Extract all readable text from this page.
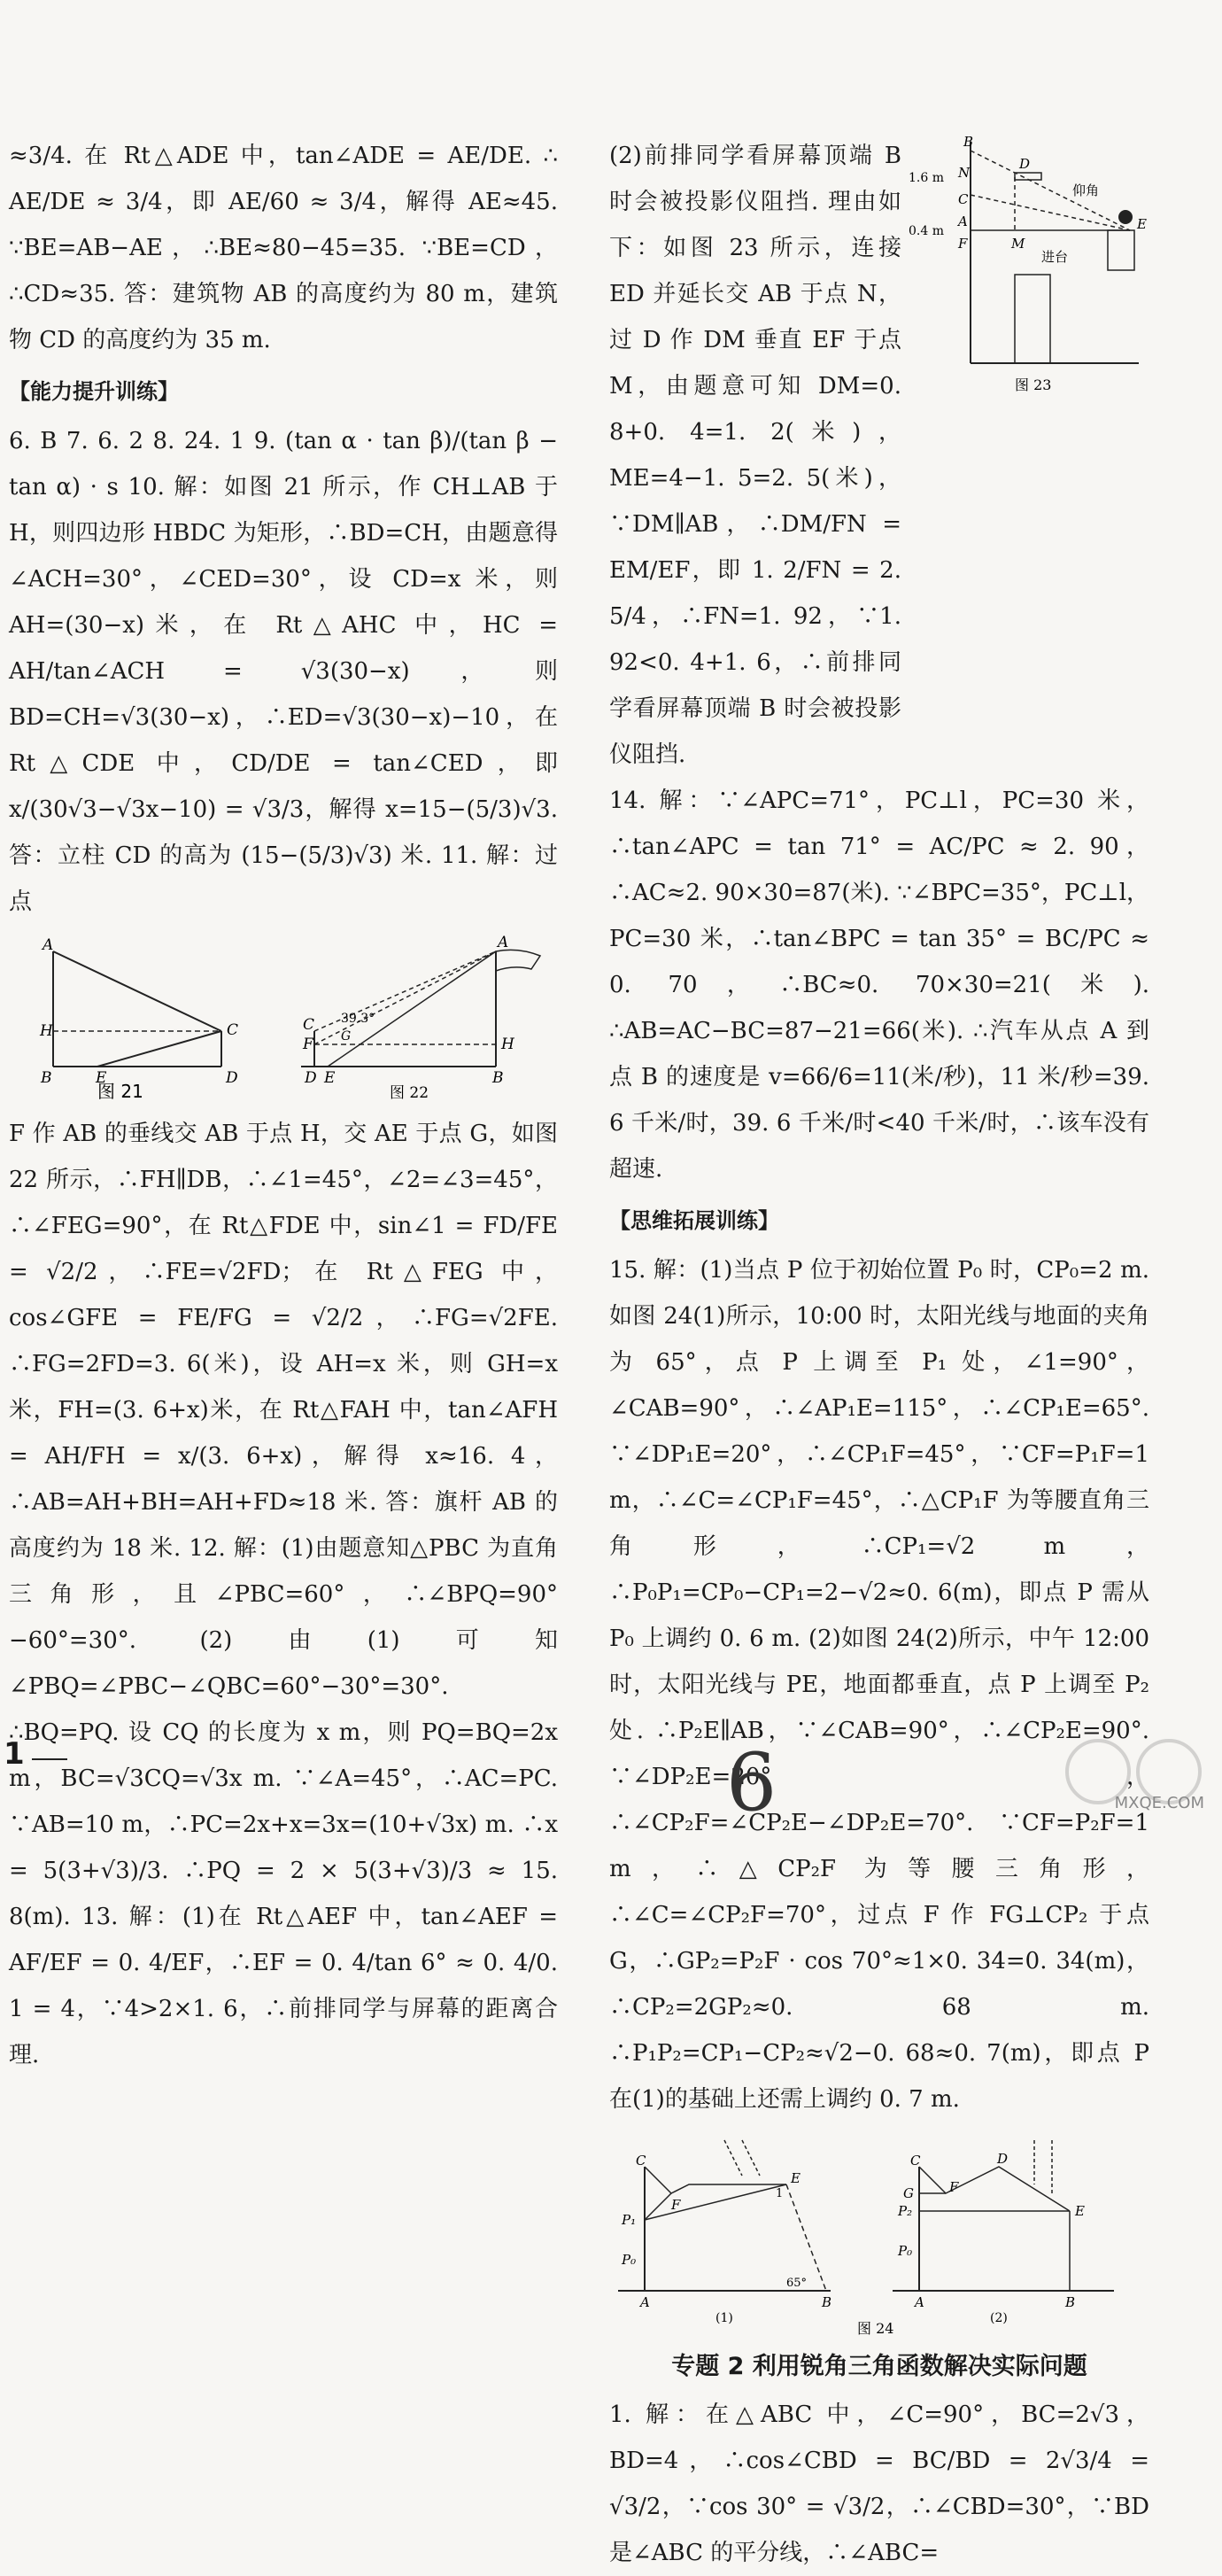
≈3/4. 在 Rt△ADE 中，tan∠ADE = AE/DE. ∴ AE/DE ≈ 3/4，即 AE/60 ≈ 3/4，解得 AE≈45. ∵BE=AB−AE，∴BE≈80−45=35. ∵BE=CD，∴CD≈35. 答：建筑物 AB 的高度约为 80 m，建筑物 CD 的高度约为 35 m.

【能力提升训练】

6. B 7. 6. 2 8. 24. 1 9. (tan α · tan β)/(tan β − tan α) · s 10. 解：如图 21 所示，作 CH⊥AB 于 H，则四边形 HBDC 为矩形，∴BD=CH，由题意得∠ACH=30°，∠CED=30°，设 CD=x 米，则 AH=(30−x)米，在 Rt△AHC 中，HC = AH/tan∠ACH = √3(30−x)，则 BD=CH=√3(30−x)，∴ED=√3(30−x)−10，在 Rt△CDE 中，CD/DE = tan∠CED，即 x/(30√3−√3x−10) = √3/3，解得 x=15−(5/3)√3. 答：立柱 CD 的高为 (15−(5/3)√3) 米. 11. 解：过点

A
H	C
B	E	D
图 21
A
C
F G
39.3°
D E
H
B
图 22

F 作 AB 的垂线交 AB 于点 H，交 AE 于点 G，如图 22 所示，∴FH∥DB，∴∠1=45°，∠2=∠3=45°，∴∠FEG=90°，在 Rt△FDE 中，sin∠1 = FD/FE = √2/2，∴FE=√2FD；在 Rt△FEG 中，cos∠GFE = FE/FG = √2/2，∴FG=√2FE. ∴FG=2FD=3. 6(米)，设 AH=x 米，则 GH=x 米，FH=(3. 6+x)米，在 Rt△FAH 中，tan∠AFH = AH/FH = x/(3. 6+x)，解得 x≈16. 4，∴AB=AH+BH=AH+FD≈18 米. 答：旗杆 AB 的高度约为 18 米. 12. 解：(1)由题意知△PBC 为直角三角形，且∠PBC=60°，∴∠BPQ=90°−60°=30°. (2)由(1)可知∠PBQ=∠PBC−∠QBC=60°−30°=30°. ∴BQ=PQ. 设 CQ 的长度为 x m，则 PQ=BQ=2x m，BC=√3CQ=√3x m. ∵∠A=45°，∴AC=PC. ∵AB=10 m，∴PC=2x+x=3x=(10+√3x) m. ∴x = 5(3+√3)/3. ∴PQ = 2 × 5(3+√3)/3 ≈ 15. 8(m). 13. 解：(1)在 Rt△AEF 中，tan∠AEF = AF/EF = 0. 4/EF，∴EF = 0. 4/tan 6° ≈ 0. 4/0. 1 = 4，∵4>2×1. 6，∴前排同学与屏幕的距离合理.

(2)前排同学看屏幕顶端 B 时会被投影仪阻挡. 理由如下：如图 23 所示，连接 ED 并延长交 AB 于点 N，过 D 作 DM 垂直 EF 于点 M，由题意可知 DM=0. 8+0. 4=1. 2(米)，ME=4−1. 5=2. 5(米)，∵DM∥AB，∴DM/FN = EM/EF，即 1. 2/FN = 2. 5/4，∴FN=1. 92，∵1. 92<0. 4+1. 6，∴前排同学看屏幕顶端 B 时会被投影仪阻挡.

B
N
D
C
A
F	M
E
1.6 m
0.4 m
仰角
进台
图 23

14. 解：∵∠APC=71°，PC⊥l，PC=30 米，∴tan∠APC = tan 71° = AC/PC ≈ 2. 90，∴AC≈2. 90×30=87(米). ∵∠BPC=35°，PC⊥l，PC=30 米，∴tan∠BPC = tan 35° = BC/PC ≈ 0. 70，∴BC≈0. 70×30=21(米). ∴AB=AC−BC=87−21=66(米). ∴汽车从点 A 到点 B 的速度是 v=66/6=11(米/秒)，11 米/秒=39. 6 千米/时，39. 6 千米/时<40 千米/时，∴该车没有超速.

【思维拓展训练】

15. 解：(1)当点 P 位于初始位置 P₀ 时，CP₀=2 m. 如图 24(1)所示，10:00 时，太阳光线与地面的夹角为 65°，点 P 上调至 P₁ 处，∠1=90°，∠CAB=90°，∴∠AP₁E=115°，∴∠CP₁E=65°. ∵∠DP₁E=20°，∴∠CP₁F=45°，∵CF=P₁F=1 m，∴∠C=∠CP₁F=45°，∴△CP₁F 为等腰直角三角形，∴CP₁=√2 m，∴P₀P₁=CP₀−CP₁=2−√2≈0. 6(m)，即点 P 需从 P₀ 上调约 0. 6 m. (2)如图 24(2)所示，中午 12:00 时，太阳光线与 PE，地面都垂直，点 P 上调至 P₂ 处. ∴P₂E∥AB，∵∠CAB=90°，∴∠CP₂E=90°. ∵∠DP₂E=20°，∴∠CP₂F=∠CP₂E−∠DP₂E=70°. ∵CF=P₂F=1 m，∴△CP₂F 为等腰三角形，∴∠C=∠CP₂F=70°，过点 F 作 FG⊥CP₂ 于点 G，∴GP₂=P₂F · cos 70°≈1×0. 34=0. 34(m)，∴CP₂=2GP₂≈0. 68 m. ∴P₁P₂=CP₁−CP₂≈√2−0. 68≈0. 7(m)，即点 P 在(1)的基础上还需上调约 0. 7 m.

C
F
E
1
P₁
P₀
A	B
65°
(1)
C	D
G	F
P₂	E
P₀
A	B
(2)
图 24
专题 2 利用锐角三角函数解决实际问题

1. 解：在△ABC 中，∠C=90°，BC=2√3，BD=4，∴cos∠CBD = BC/BD = 2√3/4 = √3/2，∵cos 30° = √3/2，∴∠CBD=30°，∵BD 是∠ABC 的平分线，∴∠ABC=

1	6	MXQE.COM
